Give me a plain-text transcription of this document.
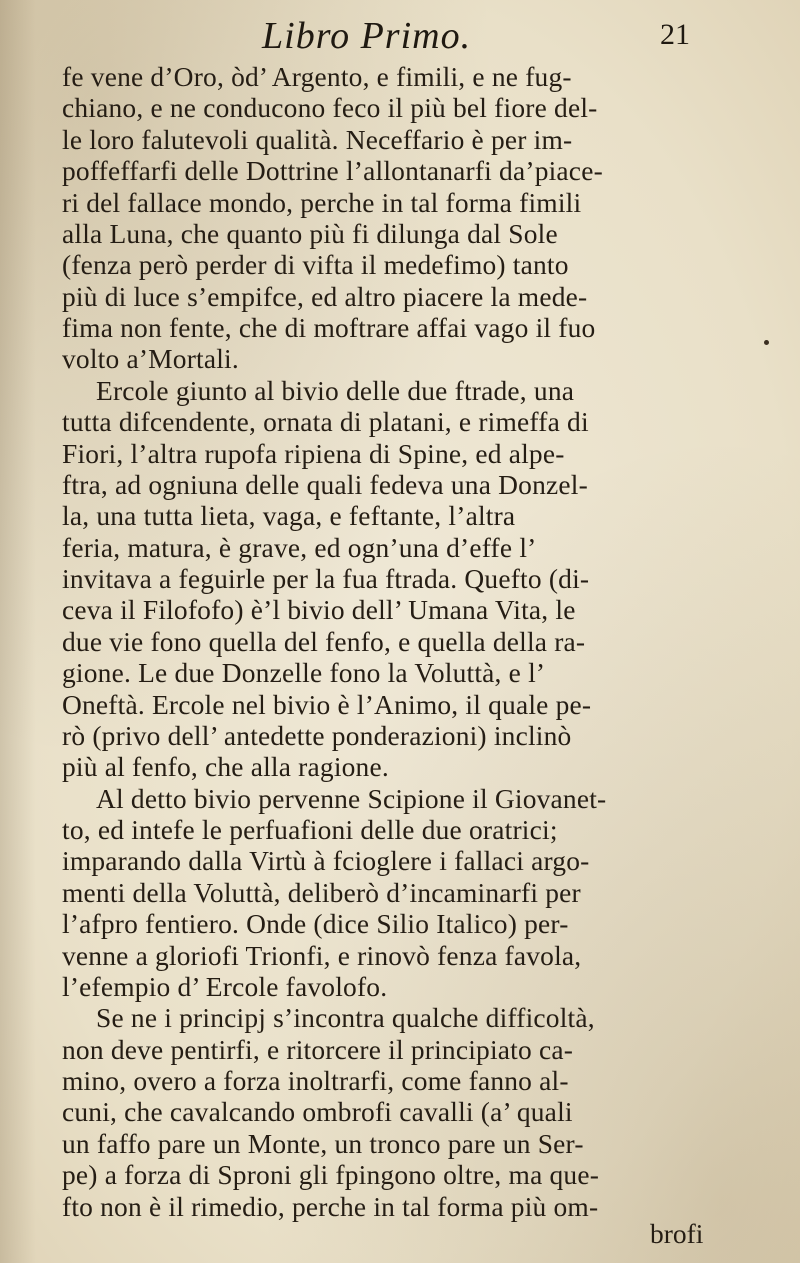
Libro Primo.	21
fe vene d’Oro, òd’ Argento, e fimili, e ne fug-
chiano, e ne conducono feco il più bel fiore del-
le loro falutevoli qualità. Neceffario è per im-
poffeffarfi delle Dottrine l’allontanarfi da’piace-
ri del fallace mondo, perche in tal forma fimili
alla Luna, che quanto più fi dilunga dal Sole
(fenza però perder di vifta il medefimo) tanto
più di luce s’empifce, ed altro piacere la mede-
fima non fente, che di moftrare affai vago il fuo
volto a’Mortali.
Ercole giunto al bivio delle due ftrade, una
tutta difcendente, ornata di platani, e rimeffa di
Fiori, l’altra rupofa ripiena di Spine, ed alpe-
ftra, ad ogniuna delle quali fedeva una Donzel-
la, una tutta lieta, vaga, e feftante, l’altra
feria, matura, è grave, ed ogn’una d’effe l’
invitava a feguirle per la fua ftrada. Quefto (di-
ceva il Filofofo) è’l bivio dell’ Umana Vita, le
due vie fono quella del fenfo, e quella della ra-
gione. Le due Donzelle fono la Voluttà, e l’
Oneftà. Ercole nel bivio è l’Animo, il quale pe-
rò (privo dell’ antedette ponderazioni) inclinò
più al fenfo, che alla ragione.
Al detto bivio pervenne Scipione il Giovanet-
to, ed intefe le perfuafioni delle due oratrici;
imparando dalla Virtù à fcioglere i fallaci argo-
menti della Voluttà, deliberò d’incaminarfi per
l’afpro fentiero. Onde (dice Silio Italico) per-
venne a gloriofi Trionfi, e rinovò fenza favola,
l’efempio d’ Ercole favolofo.
Se ne i principj s’incontra qualche difficoltà,
non deve pentirfi, e ritorcere il principiato ca-
mino, overo a forza inoltrarfi, come fanno al-
cuni, che cavalcando ombrofi cavalli (a’ quali
un faffo pare un Monte, un tronco pare un Ser-
pe) a forza di Sproni gli fpingono oltre, ma que-
fto non è il rimedio, perche in tal forma più om-
brofi
